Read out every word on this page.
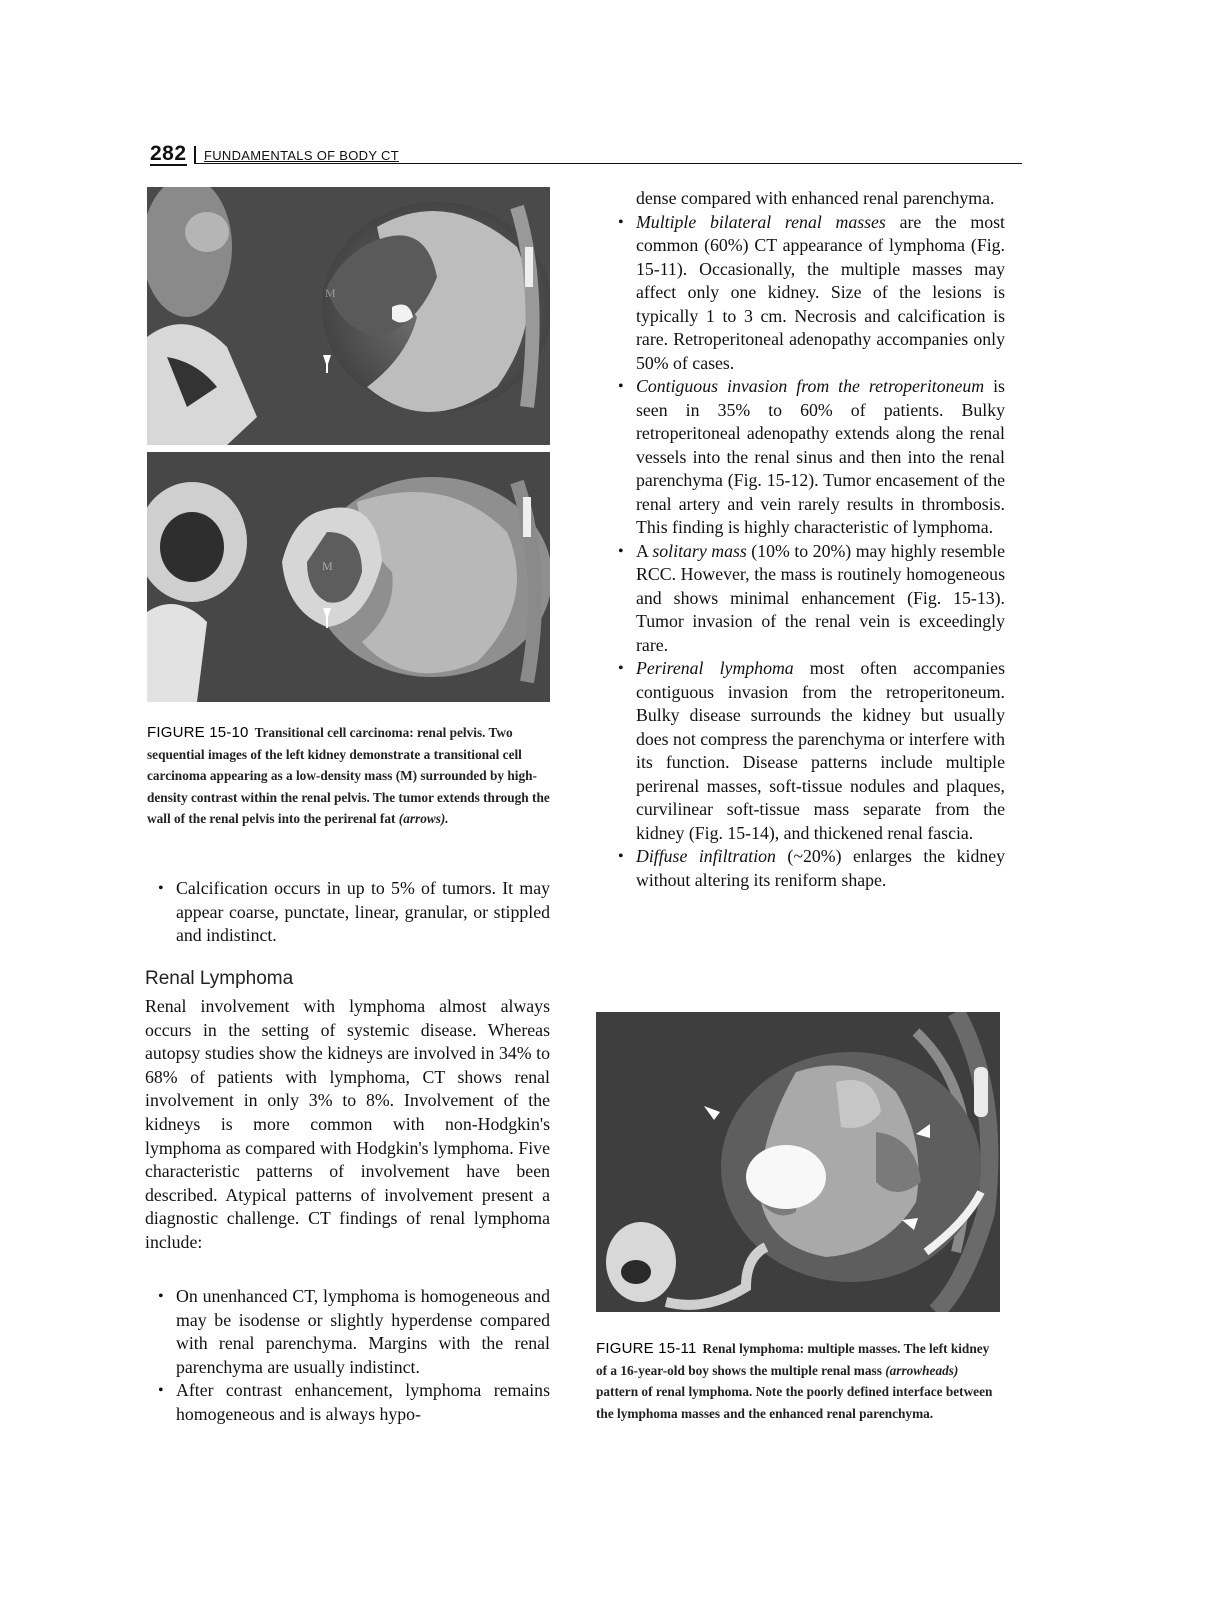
282 FUNDAMENTALS OF BODY CT
M
M
FIGURE 15-10 Transitional cell carcinoma: renal pelvis. Two sequential images of the left kidney demonstrate a transitional cell carcinoma appearing as a low-density mass (M) surrounded by high-density contrast within the renal pelvis. The tumor extends through the wall of the renal pelvis into the perirenal fat (arrows).

• Calcification occurs in up to 5% of tumors. It may appear coarse, punctate, linear, granular, or stippled and indistinct.

Renal Lymphoma
Renal involvement with lymphoma almost always occurs in the setting of systemic disease. Whereas autopsy studies show the kidneys are involved in 34% to 68% of patients with lymphoma, CT shows renal involvement in only 3% to 8%. Involvement of the kidneys is more common with non-Hodgkin's lymphoma as compared with Hodgkin's lymphoma. Five characteristic patterns of involvement have been described. Atypical patterns of involvement present a diagnostic challenge. CT findings of renal lymphoma include:

• On unenhanced CT, lymphoma is homogeneous and may be isodense or slightly hyperdense compared with renal parenchyma. Margins with the renal parenchyma are usually indistinct.

• After contrast enhancement, lymphoma remains homogeneous and is always hypo-

dense compared with enhanced renal parenchyma.

• Multiple bilateral renal masses are the most common (60%) CT appearance of lymphoma (Fig. 15-11). Occasionally, the multiple masses may affect only one kidney. Size of the lesions is typically 1 to 3 cm. Necrosis and calcification is rare. Retroperitoneal adenopathy accompanies only 50% of cases.

• Contiguous invasion from the retroperitoneum is seen in 35% to 60% of patients. Bulky retroperitoneal adenopathy extends along the renal vessels into the renal sinus and then into the renal parenchyma (Fig. 15-12). Tumor encasement of the renal artery and vein rarely results in thrombosis. This finding is highly characteristic of lymphoma.

• A solitary mass (10% to 20%) may highly resemble RCC. However, the mass is routinely homogeneous and shows minimal enhancement (Fig. 15-13). Tumor invasion of the renal vein is exceedingly rare.

• Perirenal lymphoma most often accompanies contiguous invasion from the retroperitoneum. Bulky disease surrounds the kidney but usually does not compress the parenchyma or interfere with its function. Disease patterns include multiple perirenal masses, soft-tissue nodules and plaques, curvilinear soft-tissue mass separate from the kidney (Fig. 15-14), and thickened renal fascia.

• Diffuse infiltration (~20%) enlarges the kidney without altering its reniform shape.

FIGURE 15-11 Renal lymphoma: multiple masses. The left kidney of a 16-year-old boy shows the multiple renal mass (arrowheads) pattern of renal lymphoma. Note the poorly defined interface between the lymphoma masses and the enhanced renal parenchyma.
